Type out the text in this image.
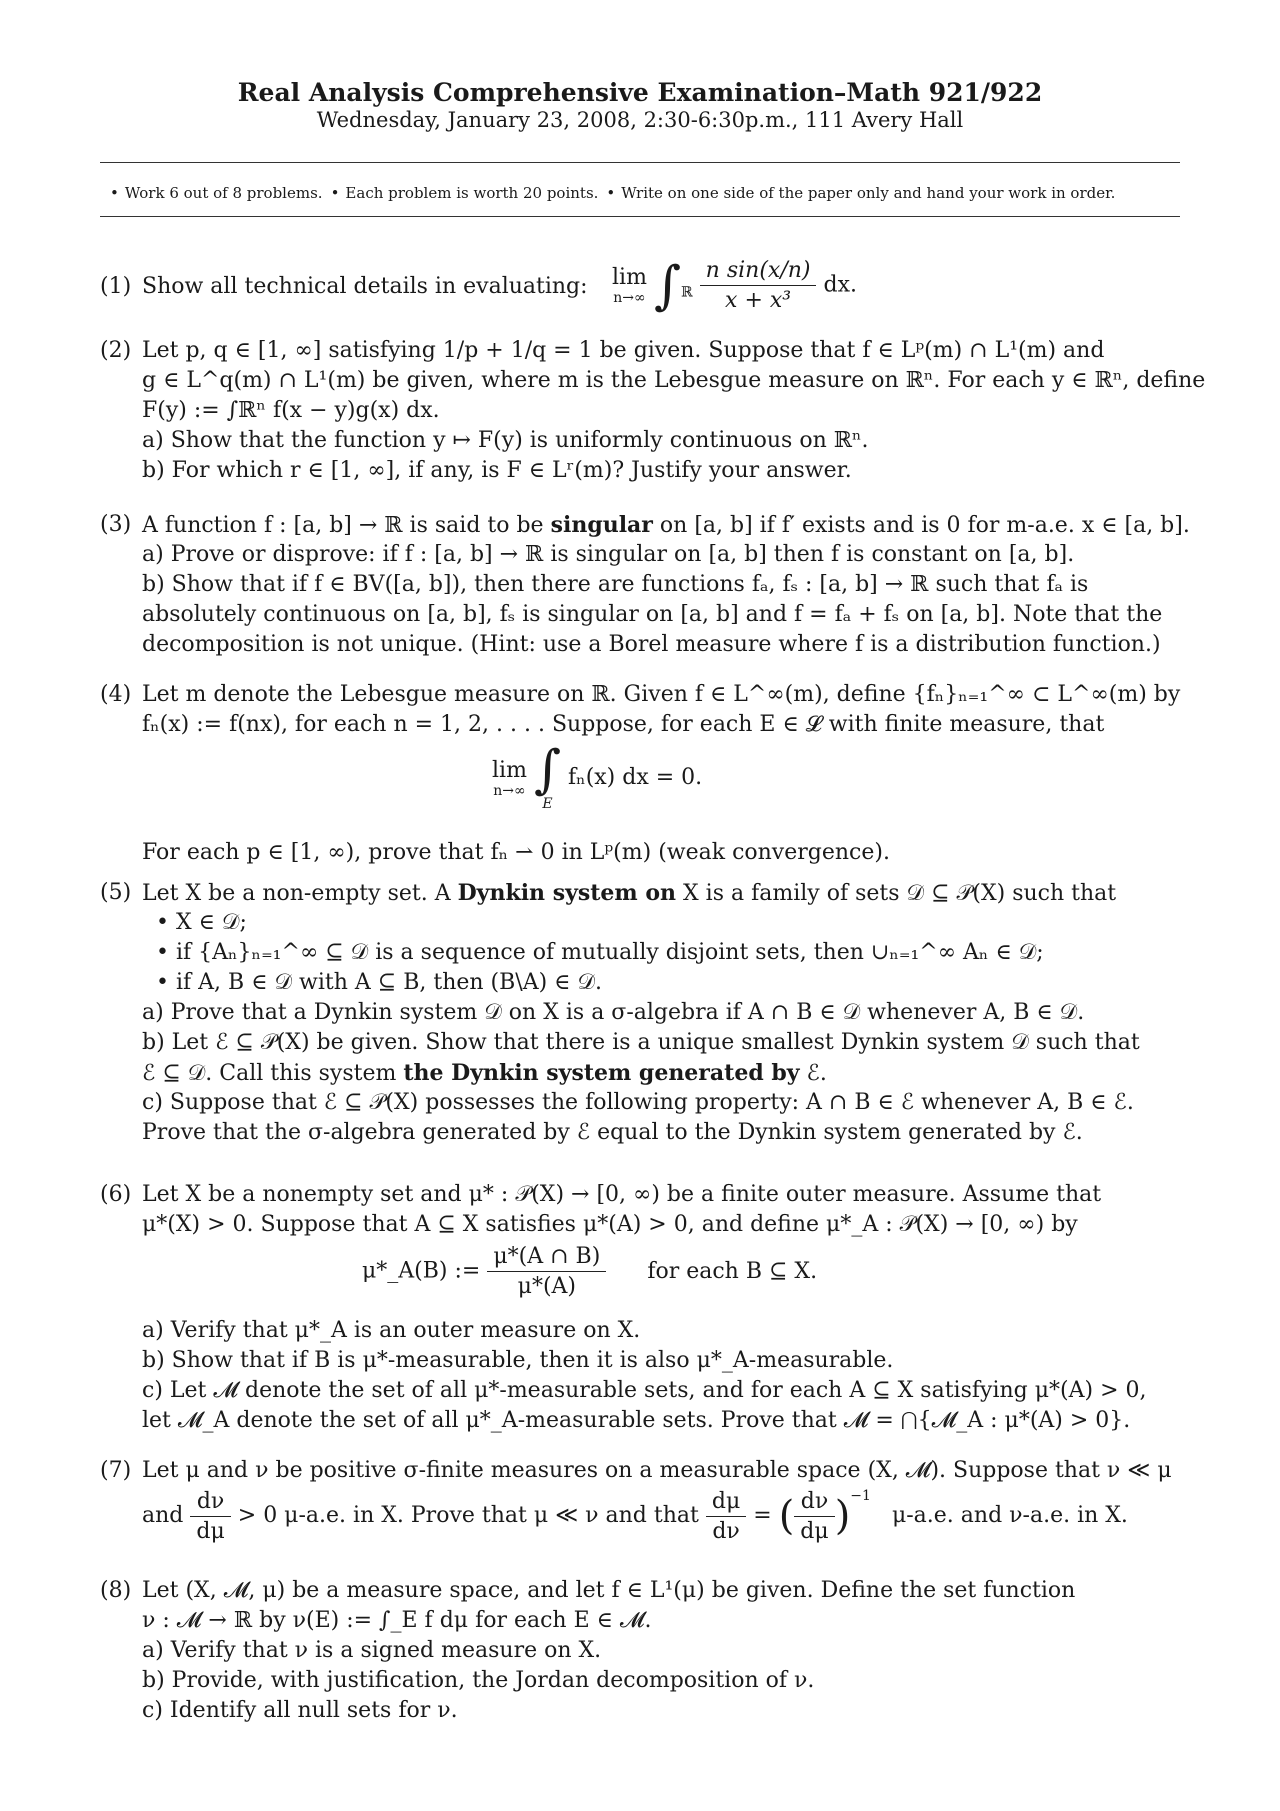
Real Analysis Comprehensive Examination–Math 921/922
Wednesday, January 23, 2008, 2:30-6:30p.m., 111 Avery Hall
• Work 6 out of 8 problems. • Each problem is worth 20 points. • Write on one side of the paper only and hand your work in order.
(1) Show all technical details in evaluating: lim
n→∞ $\int_ℝ \frac{\text{n sin(x/n)}}{\text{x + x³}}$ dx.
(2) Let p, q ∈ [1, ∞] satisfying 1/p + 1/q = 1 be given. Suppose that f ∈ Lᵖ(m) ∩ L¹(m) and
g ∈ L^q(m) ∩ L¹(m) be given, where m is the Lebesgue measure on ℝⁿ. For each y ∈ ℝⁿ, define
F(y) := ∫ℝⁿ f(x − y)g(x) dx.
a) Show that the function y ↦ F(y) is uniformly continuous on ℝⁿ.
b) For which r ∈ [1, ∞], if any, is F ∈ Lʳ(m)? Justify your answer.
(3) A function f : [a, b] → ℝ is said to be singular on [a, b] if f′ exists and is 0 for m-a.e. x ∈ [a, b].
a) Prove or disprove: if f : [a, b] → ℝ is singular on [a, b] then f is constant on [a, b].
b) Show that if f ∈ BV([a, b]), then there are functions fₐ, fₛ : [a, b] → ℝ such that fₐ is
absolutely continuous on [a, b], fₛ is singular on [a, b] and f = fₐ + fₛ on [a, b]. Note that the
decomposition is not unique. (Hint: use a Borel measure where f is a distribution function.)
(4) Let m denote the Lebesgue measure on ℝ. Given f ∈ L^∞(m), define {fₙ}ₙ₌₁^∞ ⊂ L^∞(m) by
fₙ(x) := f(nx), for each n = 1, 2, . . . . Suppose, for each E ∈ 𝓛 with finite measure, that
lim
n→∞
∫
E
fₙ(x) dx = 0.
For each p ∈ [1, ∞), prove that fₙ ⇀ 0 in Lᵖ(m) (weak convergence).
(5) Let X be a non-empty set. A Dynkin system on X is a family of sets 𝒟 ⊆ 𝒫(X) such that
• X ∈ 𝒟;
• if {Aₙ}ₙ₌₁^∞ ⊆ 𝒟 is a sequence of mutually disjoint sets, then ∪ₙ₌₁^∞ Aₙ ∈ 𝒟;
• if A, B ∈ 𝒟 with A ⊆ B, then (B\A) ∈ 𝒟.
a) Prove that a Dynkin system 𝒟 on X is a σ-algebra if A ∩ B ∈ 𝒟 whenever A, B ∈ 𝒟.
b) Let ℰ ⊆ 𝒫(X) be given. Show that there is a unique smallest Dynkin system 𝒟 such that
ℰ ⊆ 𝒟. Call this system the Dynkin system generated by ℰ.
c) Suppose that ℰ ⊆ 𝒫(X) possesses the following property: A ∩ B ∈ ℰ whenever A, B ∈ ℰ.
Prove that the σ-algebra generated by ℰ equal to the Dynkin system generated by ℰ.
(6) Let X be a nonempty set and μ* : 𝒫(X) → [0, ∞) be a finite outer measure. Assume that
μ*(X) > 0. Suppose that A ⊆ X satisfies μ*(A) > 0, and define μ*_A : 𝒫(X) → [0, ∞) by
μ*_A(B) := $\frac{\mu*(A \cap B)}{\mu*(A)}$ for each B ⊆ X.
a) Verify that μ*_A is an outer measure on X.
b) Show that if B is μ*-measurable, then it is also μ*_A-measurable.
c) Let 𝓜 denote the set of all μ*-measurable sets, and for each A ⊆ X satisfying μ*(A) > 0,
let 𝓜_A denote the set of all μ*_A-measurable sets. Prove that 𝓜 = ⋂{𝓜_A : μ*(A) > 0}.
(7) Let μ and ν be positive σ-finite measures on a measurable space (X, 𝓜). Suppose that ν ≪ μ
and $\frac{d\nu}{d\mu} > 0$ μ-a.e. in X. Prove that μ ≪ ν and that $\frac{d\mu}{d\nu}$ = ( $\frac{d\nu}{d\mu} )^{-1}$ μ-a.e. and ν-a.e. in X.
(8) Let (X, 𝓜, μ) be a measure space, and let f ∈ L¹(μ) be given. Define the set function
ν : 𝓜 → ℝ by ν(E) := ∫_E f dμ for each E ∈ 𝓜.
a) Verify that ν is a signed measure on X.
b) Provide, with justification, the Jordan decomposition of ν.
c) Identify all null sets for ν.
